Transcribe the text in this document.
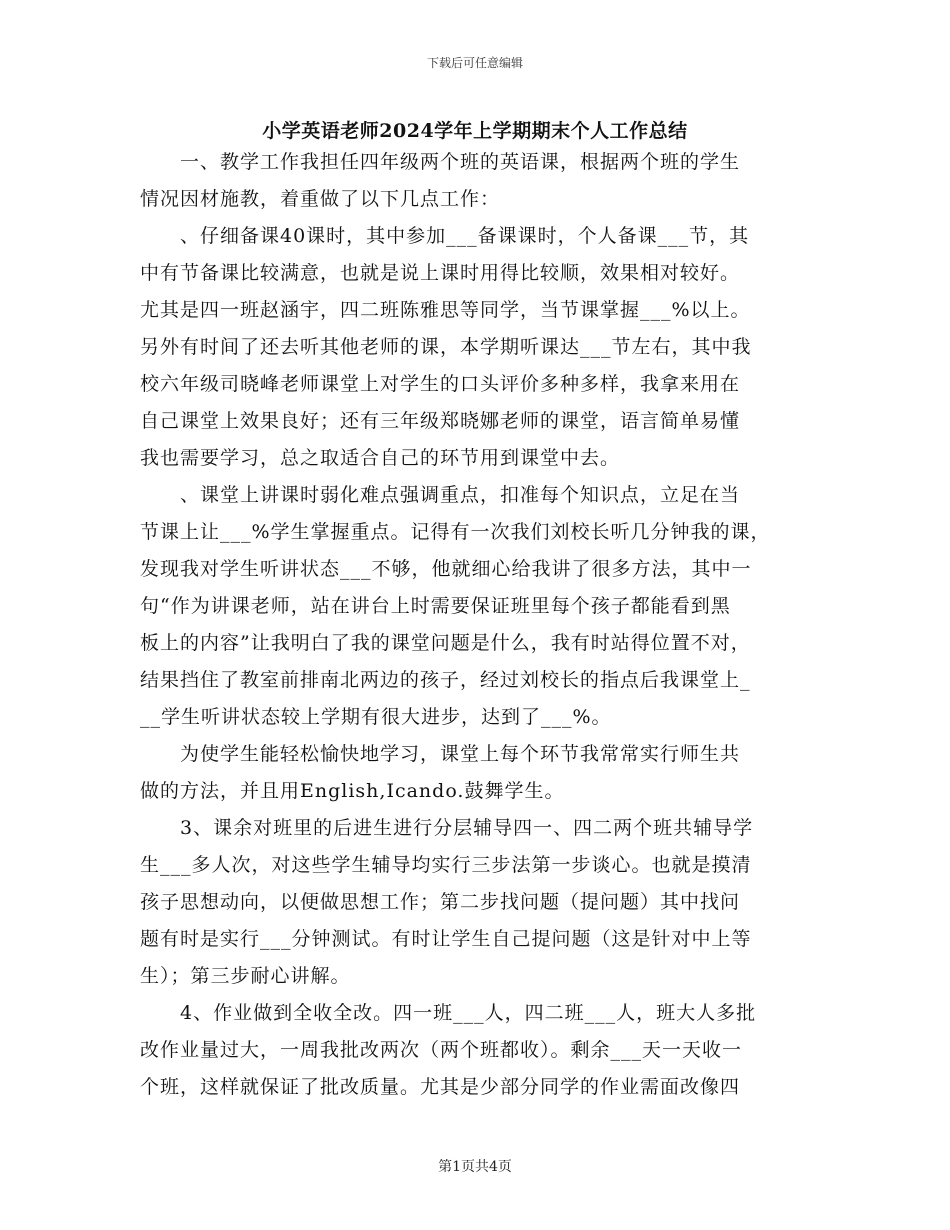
下载后可任意编辑
小学英语老师2024学年上学期期末个人工作总结
一、教学工作我担任四年级两个班的英语课，根据两个班的学生
情况因材施教，着重做了以下几点工作：
、仔细备课40课时，其中参加___备课课时，个人备课___节，其
中有节备课比较满意，也就是说上课时用得比较顺，效果相对较好。
尤其是四一班赵涵宇，四二班陈雅思等同学，当节课掌握___%以上。
另外有时间了还去听其他老师的课，本学期听课达___节左右，其中我
校六年级司晓峰老师课堂上对学生的口头评价多种多样，我拿来用在
自己课堂上效果良好；还有三年级郑晓娜老师的课堂，语言简单易懂
我也需要学习，总之取适合自己的环节用到课堂中去。
、课堂上讲课时弱化难点强调重点，扣准每个知识点，立足在当
节课上让___%学生掌握重点。记得有一次我们刘校长听几分钟我的课，
发现我对学生听讲状态___不够，他就细心给我讲了很多方法，其中一
句“作为讲课老师，站在讲台上时需要保证班里每个孩子都能看到黑
板上的内容”让我明白了我的课堂问题是什么，我有时站得位置不对，
结果挡住了教室前排南北两边的孩子，经过刘校长的指点后我课堂上_
__学生听讲状态较上学期有很大进步，达到了___%。
为使学生能轻松愉快地学习，课堂上每个环节我常常实行师生共
做的方法，并且用English,Icando.鼓舞学生。
3、课余对班里的后进生进行分层辅导四一、四二两个班共辅导学
生___多人次，对这些学生辅导均实行三步法第一步谈心。也就是摸清
孩子思想动向，以便做思想工作；第二步找问题（提问题）其中找问
题有时是实行___分钟测试。有时让学生自己提问题（这是针对中上等
生）；第三步耐心讲解。
4、作业做到全收全改。四一班___人，四二班___人，班大人多批
改作业量过大，一周我批改两次（两个班都收）。剩余___天一天收一
个班，这样就保证了批改质量。尤其是少部分同学的作业需面改像四
第1页共4页
